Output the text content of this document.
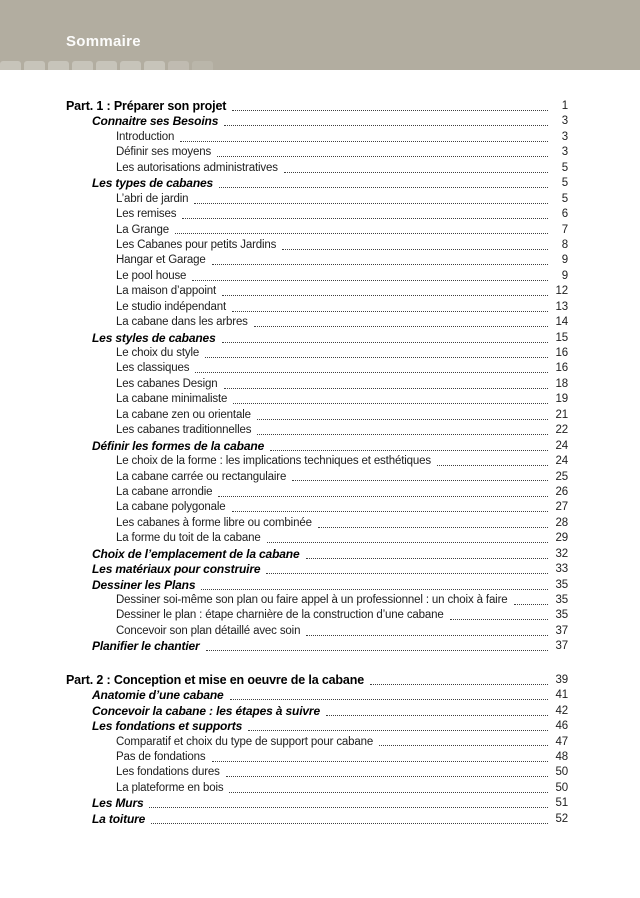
Sommaire
Part. 1 : Préparer son projet	1
Connaitre ses Besoins	3
Introduction	3
Définir ses moyens	3
Les autorisations administratives	5
Les types de cabanes	5
L’abri de jardin	5
Les remises	6
La Grange	7
Les Cabanes pour petits Jardins	8
Hangar et Garage	9
Le pool house	9
La maison d’appoint	12
Le studio indépendant	13
La cabane dans les arbres	14
Les styles de cabanes	15
Le choix du style	16
Les classiques	16
Les cabanes Design	18
La cabane minimaliste	19
La cabane zen ou orientale	21
Les cabanes traditionnelles	22
Définir les formes de la cabane	24
Le choix de la forme : les implications techniques et esthétiques	24
La cabane carrée ou rectangulaire	25
La cabane arrondie	26
La cabane polygonale	27
Les cabanes à forme libre ou combinée	28
La forme du toit de la cabane	29
Choix de l’emplacement de la cabane	32
Les matériaux pour construire	33
Dessiner les Plans	35
Dessiner soi-même son plan ou faire appel à un professionnel : un choix à faire	35
Dessiner le plan : étape charnière de la construction d’une cabane	35
Concevoir son plan détaillé avec soin	37
Planifier le chantier	37
Part. 2 : Conception et mise en oeuvre de la cabane	39
Anatomie d’une cabane	41
Concevoir la cabane : les étapes à suivre	42
Les fondations et supports	46
Comparatif et choix du type de support pour cabane	47
Pas de fondations	48
Les fondations dures	50
La plateforme en bois	50
Les Murs	51
La toiture	52
